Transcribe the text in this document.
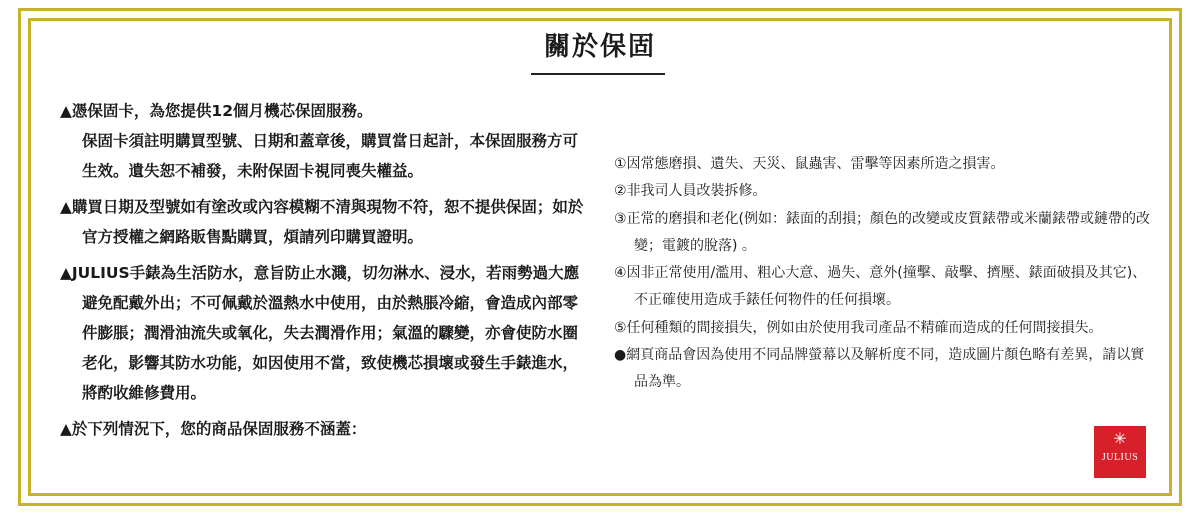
關於保固
▲憑保固卡，為您提供12個月機芯保固服務。
保固卡須註明購買型號、日期和蓋章後，購買當日起計，本保固服務方可生效。遺失恕不補發，未附保固卡視同喪失權益。
▲購買日期及型號如有塗改或內容模糊不清與現物不符，恕不提供保固；如於官方授權之網路販售點購買，煩請列印購買證明。
▲JULIUS手錶為生活防水，意旨防止水濺，切勿淋水、浸水，若雨勢過大應避免配戴外出；不可佩戴於溫熱水中使用，由於熱脹冷縮，會造成內部零件膨脹；潤滑油流失或氧化，失去潤滑作用；氣溫的驟變，亦會使防水圈老化，影響其防水功能，如因使用不當，致使機芯損壞或發生手錶進水，將酌收維修費用。
▲於下列情況下，您的商品保固服務不涵蓋：

①因常態磨損、遺失、天災、鼠蟲害、雷擊等因素所造之損害。

②非我司人員改裝拆修。

③正常的磨損和老化(例如：錶面的刮損；顏色的改變或皮質錶帶或米蘭錶帶或鏈帶的改變；電鍍的脫落) 。

④因非正常使用/濫用、粗心大意、過失、意外(撞擊、敲擊、擠壓、錶面破損及其它)、不正確使用造成手錶任何物件的任何損壞。

⑤任何種類的間接損失，例如由於使用我司產品不精確而造成的任何間接損失。

●網頁商品會因為使用不同品牌螢幕以及解析度不同，造成圖片顏色略有差異，請以實品為準。

✳
JULIUS
